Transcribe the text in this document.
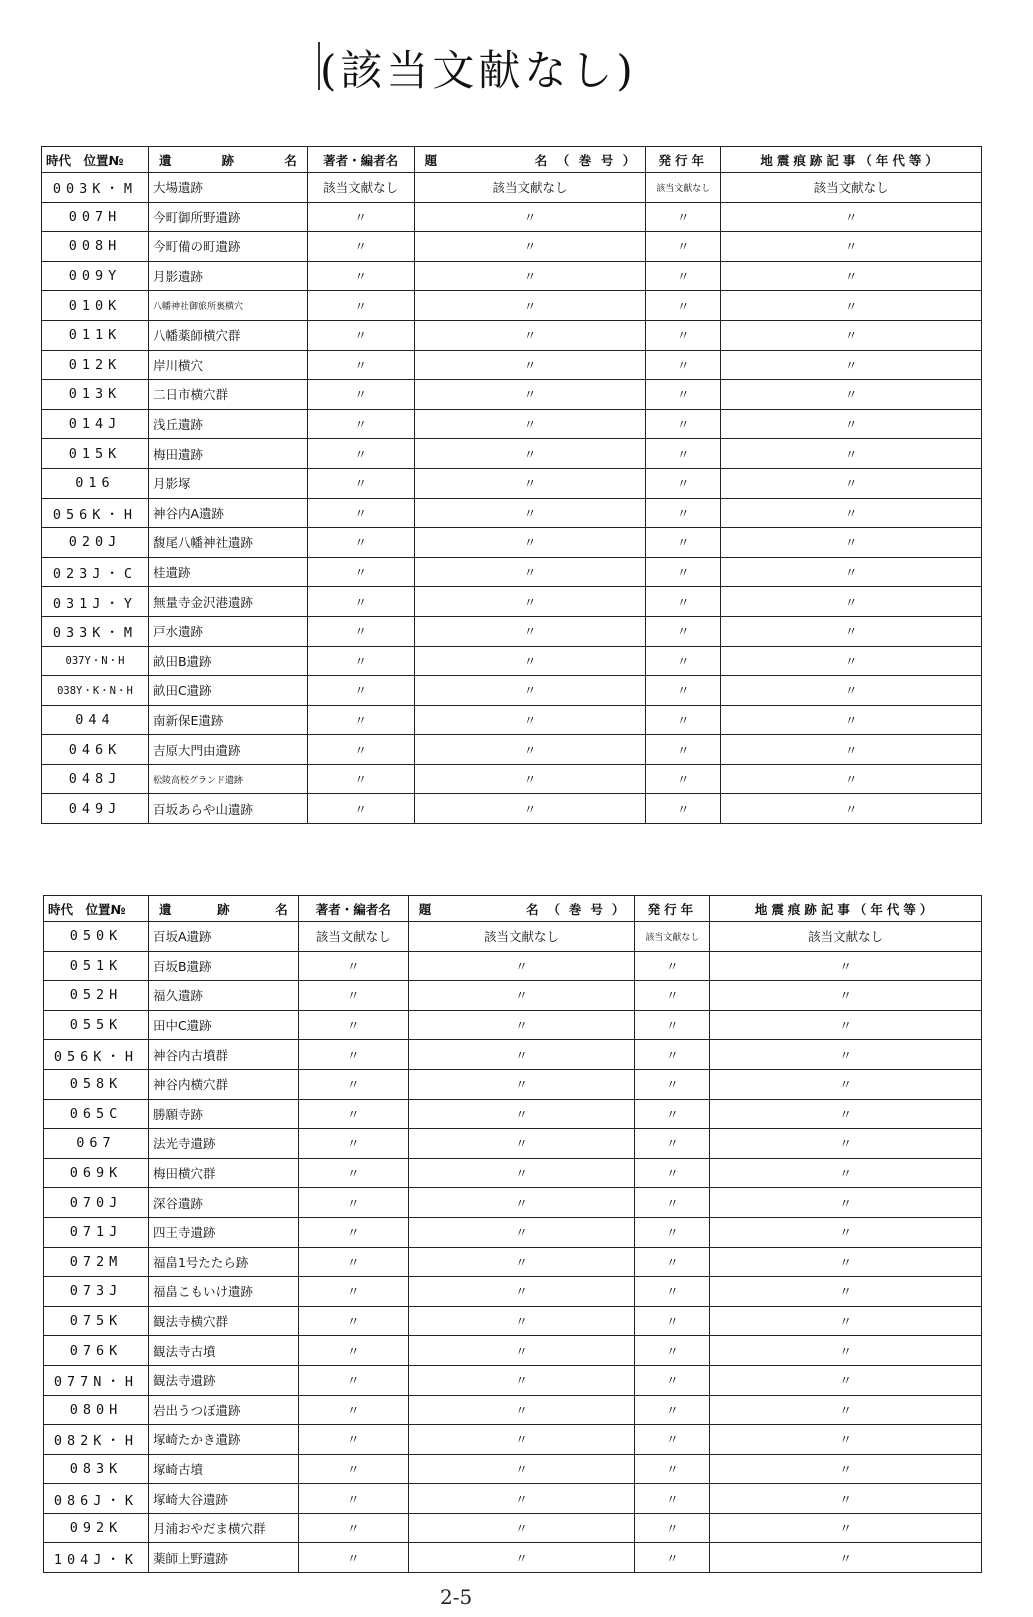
(該当文献なし)
時代　位置№	遺　　跡　　名	著者・編者名	題　　　　名（巻号）	発行年	地震痕跡記事（年代等）
003K・M	大場遺跡	該当文献なし	該当文献なし	該当文献なし	該当文献なし
007H	今町御所野遺跡	〃	〃	〃	〃
008H	今町備の町遺跡	〃	〃	〃	〃
009Y	月影遺跡	〃	〃	〃	〃
010K	八幡神社御旅所裏横穴	〃	〃	〃	〃
011K	八幡薬師横穴群	〃	〃	〃	〃
012K	岸川横穴	〃	〃	〃	〃
013K	二日市横穴群	〃	〃	〃	〃
014J	浅丘遺跡	〃	〃	〃	〃
015K	梅田遺跡	〃	〃	〃	〃
016	月影塚	〃	〃	〃	〃
056K・H	神谷内A遺跡	〃	〃	〃	〃
020J	馥尾八幡神社遺跡	〃	〃	〃	〃
023J・C	桂遺跡	〃	〃	〃	〃
031J・Y	無量寺金沢港遺跡	〃	〃	〃	〃
033K・M	戸水遺跡	〃	〃	〃	〃
037Y・N・H	畝田B遺跡	〃	〃	〃	〃
038Y・K・N・H	畝田C遺跡	〃	〃	〃	〃
044	南新保E遺跡	〃	〃	〃	〃
046K	吉原大門由遺跡	〃	〃	〃	〃
048J	松陵高校グランド遺跡	〃	〃	〃	〃
049J	百坂あらや山遺跡	〃	〃	〃	〃
時代　位置№	遺　　跡　　名	著者・編者名	題　　　　名（巻号）	発行年	地震痕跡記事（年代等）
050K	百坂A遺跡	該当文献なし	該当文献なし	該当文献なし	該当文献なし
051K	百坂B遺跡	〃	〃	〃	〃
052H	福久遺跡	〃	〃	〃	〃
055K	田中C遺跡	〃	〃	〃	〃
056K・H	神谷内古墳群	〃	〃	〃	〃
058K	神谷内横穴群	〃	〃	〃	〃
065C	勝願寺跡	〃	〃	〃	〃
067	法光寺遺跡	〃	〃	〃	〃
069K	梅田横穴群	〃	〃	〃	〃
070J	深谷遺跡	〃	〃	〃	〃
071J	四王寺遺跡	〃	〃	〃	〃
072M	福畠1号たたら跡	〃	〃	〃	〃
073J	福畠こもいけ遺跡	〃	〃	〃	〃
075K	観法寺横穴群	〃	〃	〃	〃
076K	観法寺古墳	〃	〃	〃	〃
077N・H	観法寺遺跡	〃	〃	〃	〃
080H	岩出うつぼ遺跡	〃	〃	〃	〃
082K・H	塚崎たかき遺跡	〃	〃	〃	〃
083K	塚崎古墳	〃	〃	〃	〃
086J・K	塚崎大谷遺跡	〃	〃	〃	〃
092K	月浦おやだま横穴群	〃	〃	〃	〃
104J・K	薬師上野遺跡	〃	〃	〃	〃
2-5
